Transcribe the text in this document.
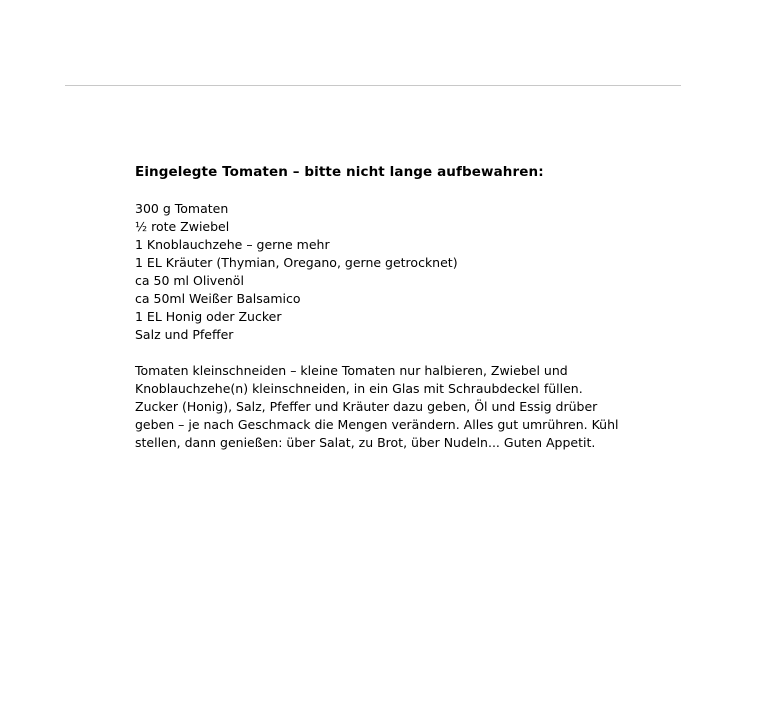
Eingelegte Tomaten – bitte nicht lange aufbewahren:
300 g Tomaten
½ rote Zwiebel
1 Knoblauchzehe – gerne mehr
1 EL Kräuter (Thymian, Oregano, gerne getrocknet)
ca 50 ml Olivenöl
ca 50ml Weißer Balsamico
1 EL Honig oder Zucker
Salz und Pfeffer
Tomaten kleinschneiden – kleine Tomaten nur halbieren, Zwiebel und
Knoblauchzehe(n) kleinschneiden, in ein Glas mit Schraubdeckel füllen.
Zucker (Honig), Salz, Pfeffer und Kräuter dazu geben, Öl und Essig drüber
geben – je nach Geschmack die Mengen verändern. Alles gut umrühren. Kühl
stellen, dann genießen: über Salat, zu Brot, über Nudeln... Guten Appetit.
